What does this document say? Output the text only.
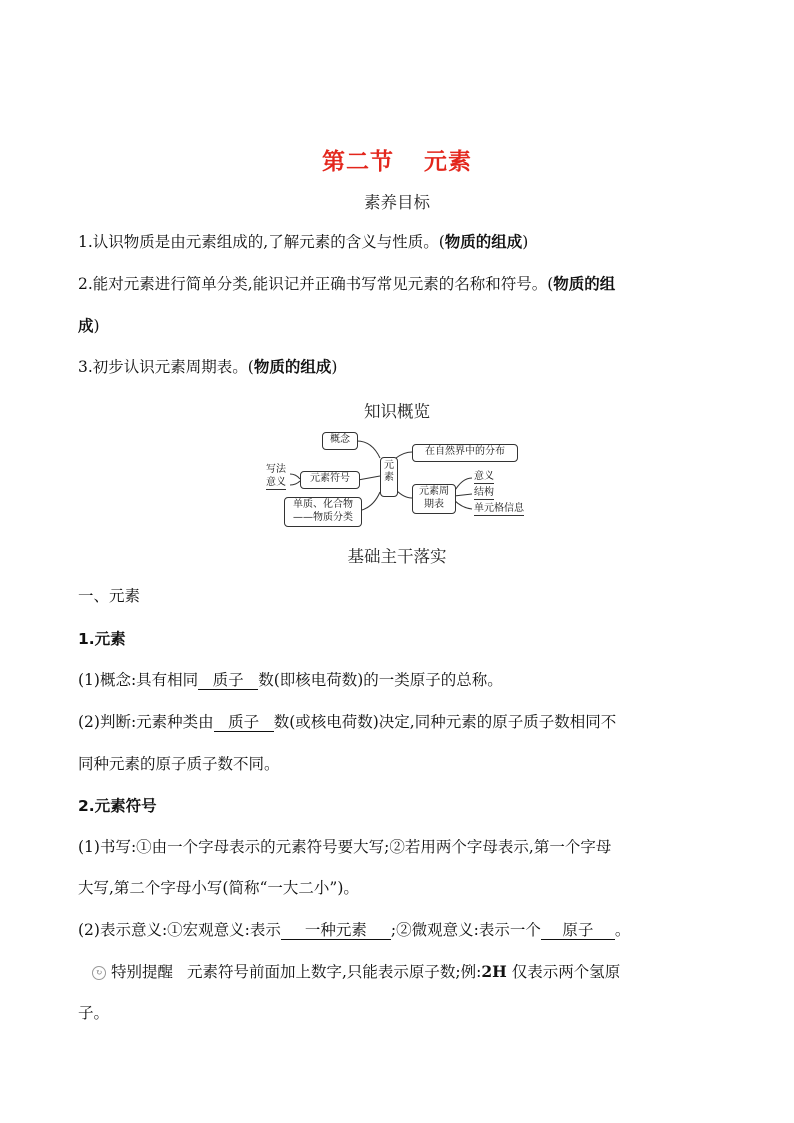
第二节 元素
素养目标
1.认识物质是由元素组成的,了解元素的含义与性质。(物质的组成)
2.能对元素进行简单分类,能识记并正确书写常见元素的名称和符号。(物质的组
成)
3.初步认识元素周期表。(物质的组成)
知识概览
概念
元素
元素符号
写法
意义
单质、化合物
——物质分类
在自然界中的分布
元素周
期表
意义
结构
单元格信息
基础主干落实
一、元素
1.元素
(1)概念:具有相同 质子 数(即核电荷数)的一类原子的总称。
(2)判断:元素种类由 质子 数(或核电荷数)决定,同种元素的原子质子数相同不
同种元素的原子质子数不同。
2.元素符号
(1)书写:①由一个字母表示的元素符号要大写;②若用两个字母表示,第一个字母
大写,第二个字母小写(简称“一大二小”)。
(2)表示意义:①宏观意义:表示 一种元素 ;②微观意义:表示一个 原子 。
↻ 特别提醒 元素符号前面加上数字,只能表示原子数;例:2H 仅表示两个氢原
子。
